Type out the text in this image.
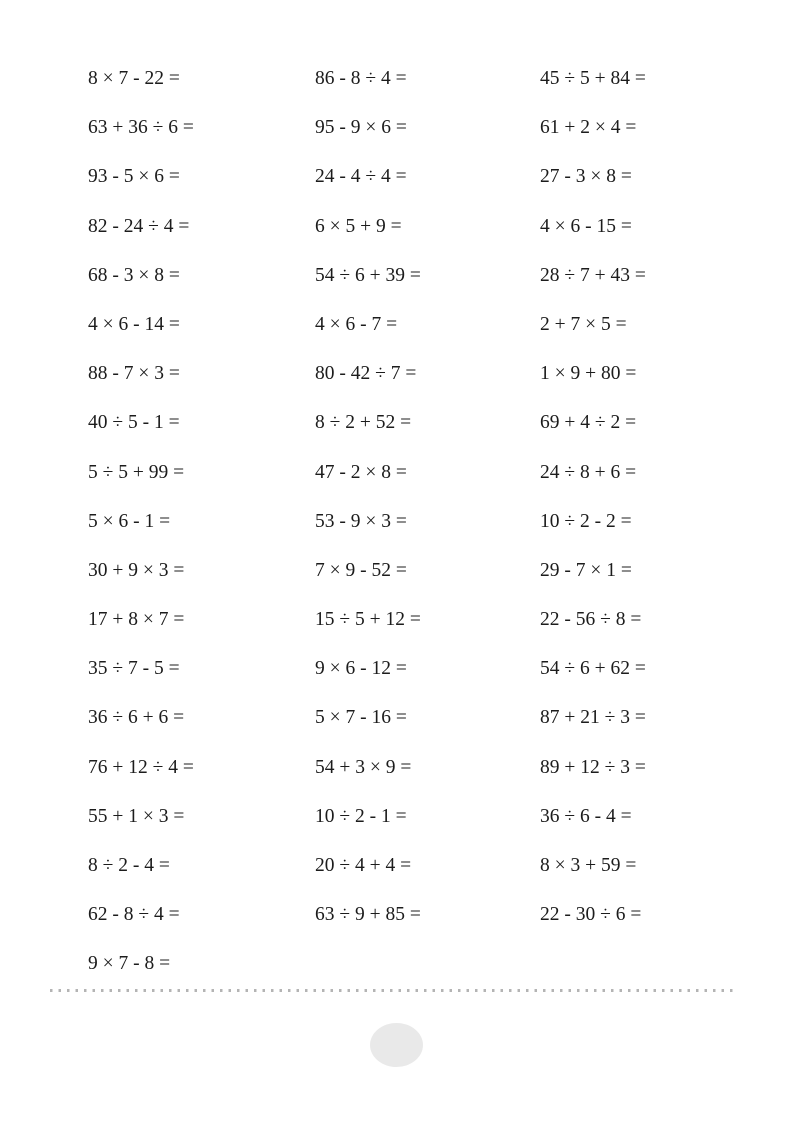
8 × 7 - 22 =	86 - 8 ÷ 4 =	45 ÷ 5 + 84 =
63 + 36 ÷ 6 =	95 - 9 × 6 =	61 + 2 × 4 =
93 - 5 × 6 =	24 - 4 ÷ 4 =	27 - 3 × 8 =
82 - 24 ÷ 4 =	6 × 5 + 9 =	4 × 6 - 15 =
68 - 3 × 8 =	54 ÷ 6 + 39 =	28 ÷ 7 + 43 =
4 × 6 - 14 =	4 × 6 - 7 =	2 + 7 × 5 =
88 - 7 × 3 =	80 - 42 ÷ 7 =	1 × 9 + 80 =
40 ÷ 5 - 1 =	8 ÷ 2 + 52 =	69 + 4 ÷ 2 =
5 ÷ 5 + 99 =	47 - 2 × 8 =	24 ÷ 8 + 6 =
5 × 6 - 1 =	53 - 9 × 3 =	10 ÷ 2 - 2 =
30 + 9 × 3 =	7 × 9 - 52 =	29 - 7 × 1 =
17 + 8 × 7 =	15 ÷ 5 + 12 =	22 - 56 ÷ 8 =
35 ÷ 7 - 5 =	9 × 6 - 12 =	54 ÷ 6 + 62 =
36 ÷ 6 + 6 =	5 × 7 - 16 =	87 + 21 ÷ 3 =
76 + 12 ÷ 4 =	54 + 3 × 9 =	89 + 12 ÷ 3 =
55 + 1 × 3 =	10 ÷ 2 - 1 =	36 ÷ 6 - 4 =
8 ÷ 2 - 4 =	20 ÷ 4 + 4 =	8 × 3 + 59 =
62 - 8 ÷ 4 =	63 ÷ 9 + 85 =	22 - 30 ÷ 6 =
9 × 7 - 8 =
